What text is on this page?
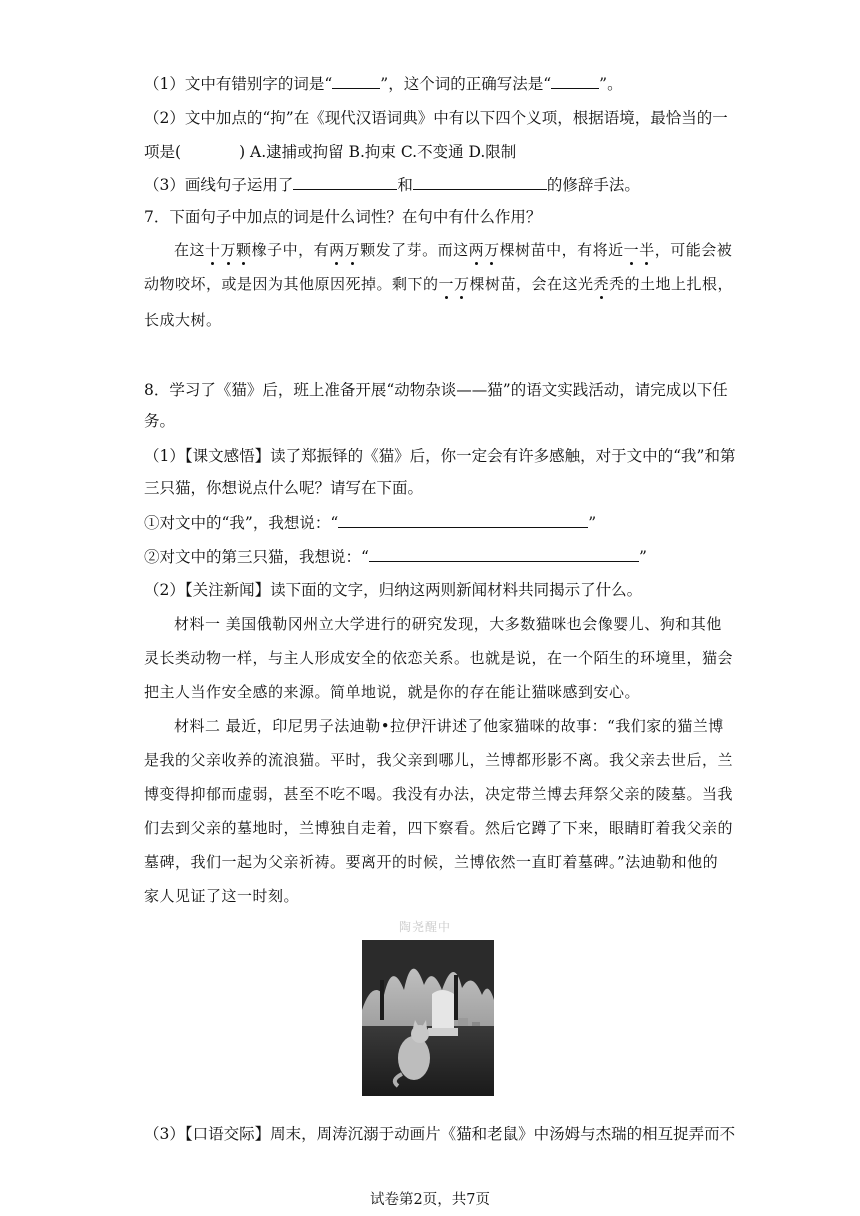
（1）文中有错别字的词是“	”，这个词的正确写法是“	”。
（2）文中加点的“拘”在《现代汉语词典》中有以下四个义项，根据语境，最恰当的一
项是(	) A.逮捕或拘留 B.拘束 C.不变通 D.限制
（3）画线句子运用了	和	的修辞手法。
7．下面句子中加点的词是什么词性？在句中有什么作用？
在这十万颗橡子中，有两万颗发了芽。而这两万棵树苗中，有将近一半，可能会被
动物咬坏，或是因为其他原因死掉。剩下的一万棵树苗，会在这光秃秃的土地上扎根，
长成大树。
8．学习了《猫》后，班上准备开展“动物杂谈——猫”的语文实践活动，请完成以下任
务。
（1）【课文感悟】读了郑振铎的《猫》后，你一定会有许多感触，对于文中的“我”和第
三只猫，你想说点什么呢？请写在下面。
①对文中的“我”，我想说：“	”
②对文中的第三只猫，我想说：“	”
（2）【关注新闻】读下面的文字，归纳这两则新闻材料共同揭示了什么。
材料一 美国俄勒冈州立大学进行的研究发现，大多数猫咪也会像婴儿、狗和其他
灵长类动物一样，与主人形成安全的依恋关系。也就是说，在一个陌生的环境里，猫会
把主人当作安全感的来源。简单地说，就是你的存在能让猫咪感到安心。
材料二 最近，印尼男子法迪勒•拉伊汗讲述了他家猫咪的故事：“我们家的猫兰博
是我的父亲收养的流浪猫。平时，我父亲到哪儿，兰博都形影不离。我父亲去世后，兰
博变得抑郁而虚弱，甚至不吃不喝。我没有办法，决定带兰博去拜祭父亲的陵墓。当我
们去到父亲的墓地时，兰博独自走着，四下察看。然后它蹲了下来，眼睛盯着我父亲的
墓碑，我们一起为父亲祈祷。要离开的时候，兰博依然一直盯着墓碑。”法迪勒和他的
家人见证了这一时刻。
陶尧醒中
（3）【口语交际】周末，周涛沉溺于动画片《猫和老鼠》中汤姆与杰瑞的相互捉弄而不
试卷第2页，共7页
